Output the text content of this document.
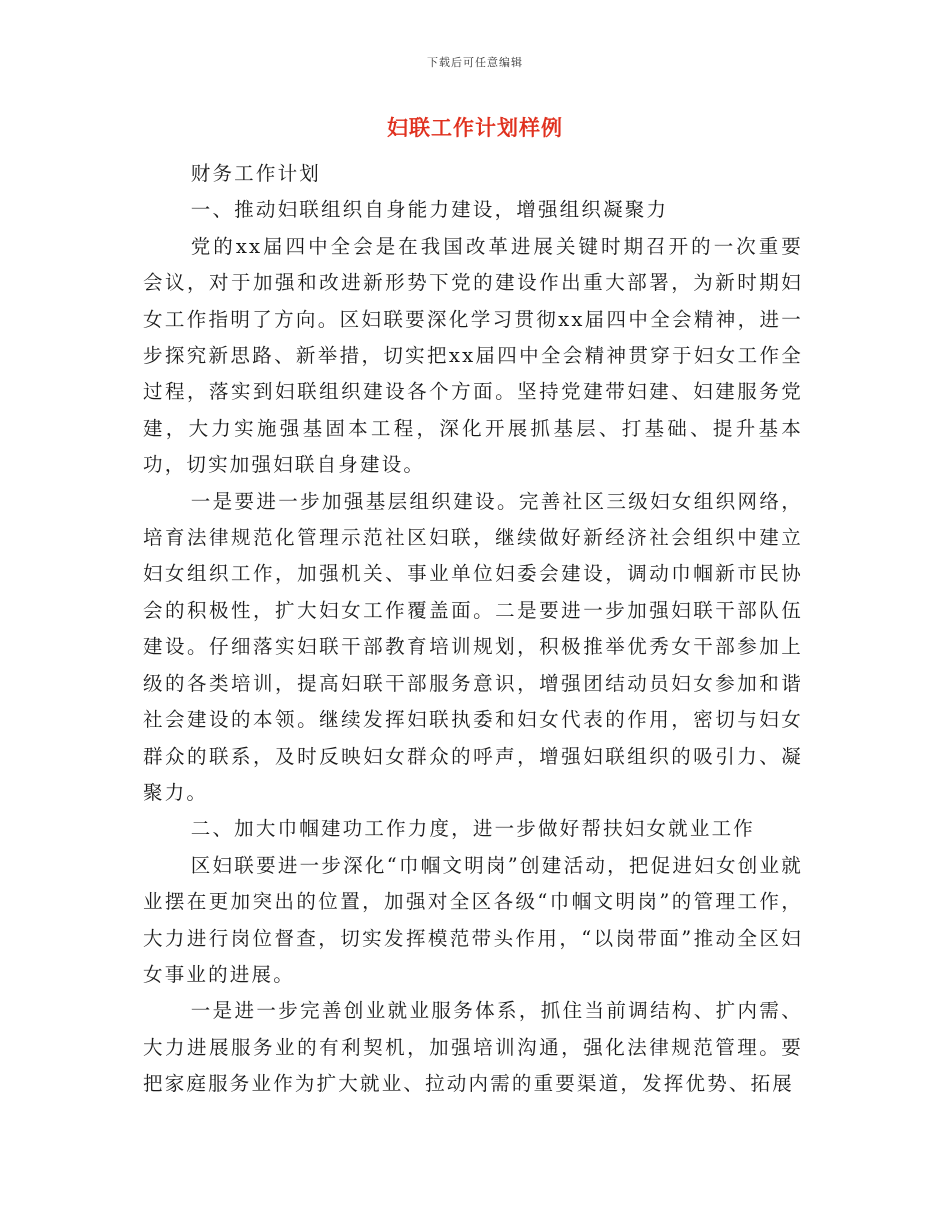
下载后可任意编辑
妇联工作计划样例

财务工作计划

一、推动妇联组织自身能力建设，增强组织凝聚力

党的xx届四中全会是在我国改革进展关键时期召开的一次重要会议，对于加强和改进新形势下党的建设作出重大部署，为新时期妇女工作指明了方向。区妇联要深化学习贯彻xx届四中全会精神，进一步探究新思路、新举措，切实把xx届四中全会精神贯穿于妇女工作全过程，落实到妇联组织建设各个方面。坚持党建带妇建、妇建服务党建，大力实施强基固本工程，深化开展抓基层、打基础、提升基本功，切实加强妇联自身建设。

一是要进一步加强基层组织建设。完善社区三级妇女组织网络，培育法律规范化管理示范社区妇联，继续做好新经济社会组织中建立妇女组织工作，加强机关、事业单位妇委会建设，调动巾帼新市民协会的积极性，扩大妇女工作覆盖面。二是要进一步加强妇联干部队伍建设。仔细落实妇联干部教育培训规划，积极推举优秀女干部参加上级的各类培训，提高妇联干部服务意识，增强团结动员妇女参加和谐社会建设的本领。继续发挥妇联执委和妇女代表的作用，密切与妇女群众的联系，及时反映妇女群众的呼声，增强妇联组织的吸引力、凝聚力。

二、加大巾帼建功工作力度，进一步做好帮扶妇女就业工作

区妇联要进一步深化“巾帼文明岗”创建活动，把促进妇女创业就业摆在更加突出的位置，加强对全区各级“巾帼文明岗”的管理工作，大力进行岗位督查，切实发挥模范带头作用，“以岗带面”推动全区妇女事业的进展。

一是进一步完善创业就业服务体系，抓住当前调结构、扩内需、大力进展服务业的有利契机，加强培训沟通，强化法律规范管理。要把家庭服务业作为扩大就业、拉动内需的重要渠道，发挥优势、拓展
